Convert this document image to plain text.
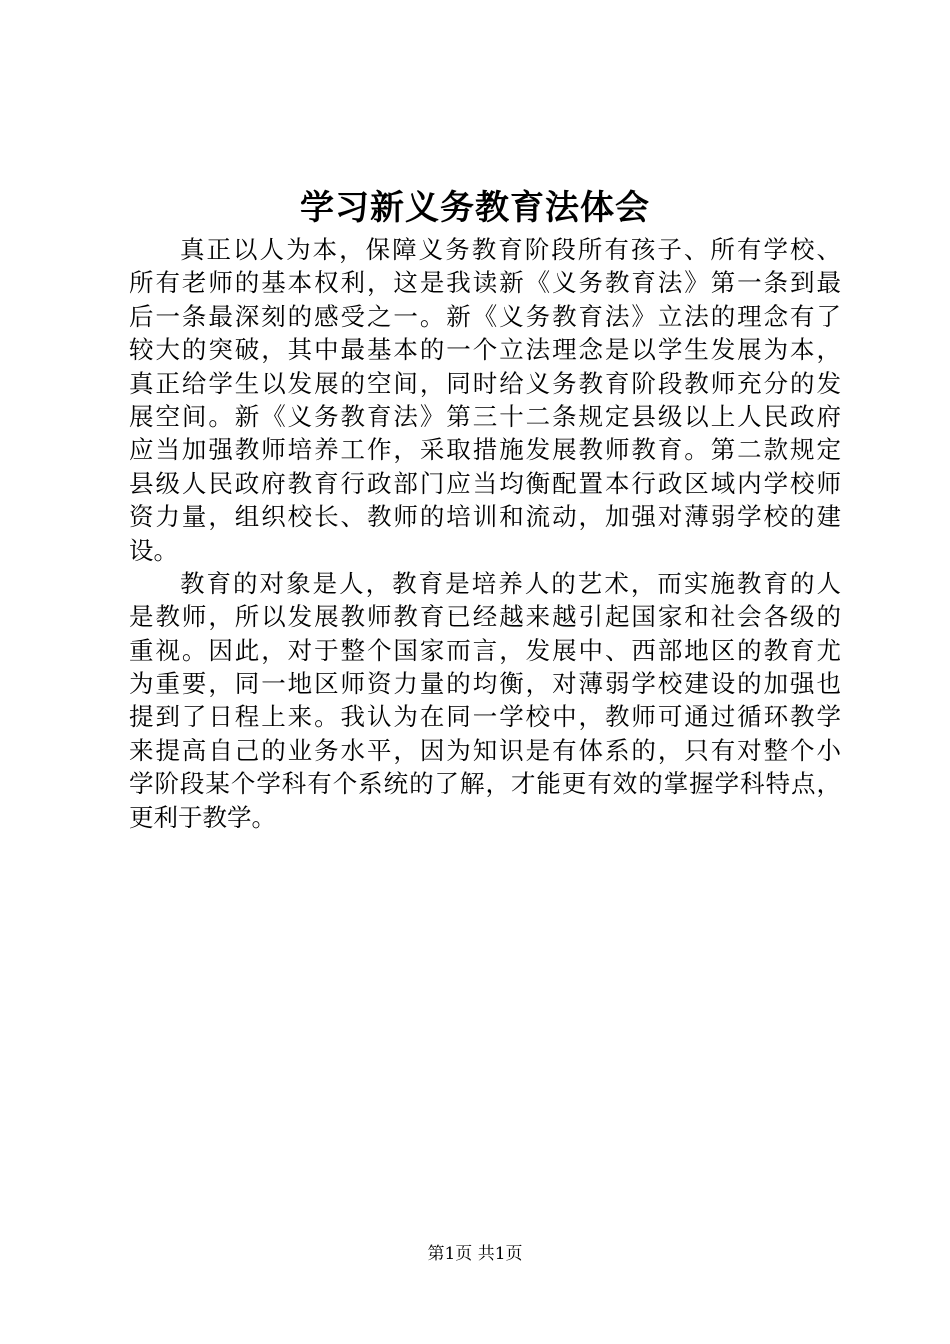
学习新义务教育法体会
真正以人为本，保障义务教育阶段所有孩子、所有学校、
所有老师的基本权利，这是我读新《义务教育法》第一条到最
后一条最深刻的感受之一。新《义务教育法》立法的理念有了
较大的突破，其中最基本的一个立法理念是以学生发展为本，
真正给学生以发展的空间，同时给义务教育阶段教师充分的发
展空间。新《义务教育法》第三十二条规定县级以上人民政府
应当加强教师培养工作，采取措施发展教师教育。第二款规定
县级人民政府教育行政部门应当均衡配置本行政区域内学校师
资力量，组织校长、教师的培训和流动，加强对薄弱学校的建
设。
教育的对象是人，教育是培养人的艺术，而实施教育的人
是教师，所以发展教师教育已经越来越引起国家和社会各级的
重视。因此，对于整个国家而言，发展中、西部地区的教育尤
为重要，同一地区师资力量的均衡，对薄弱学校建设的加强也
提到了日程上来。我认为在同一学校中，教师可通过循环教学
来提高自己的业务水平，因为知识是有体系的，只有对整个小
学阶段某个学科有个系统的了解，才能更有效的掌握学科特点，
更利于教学。
第1页 共1页
